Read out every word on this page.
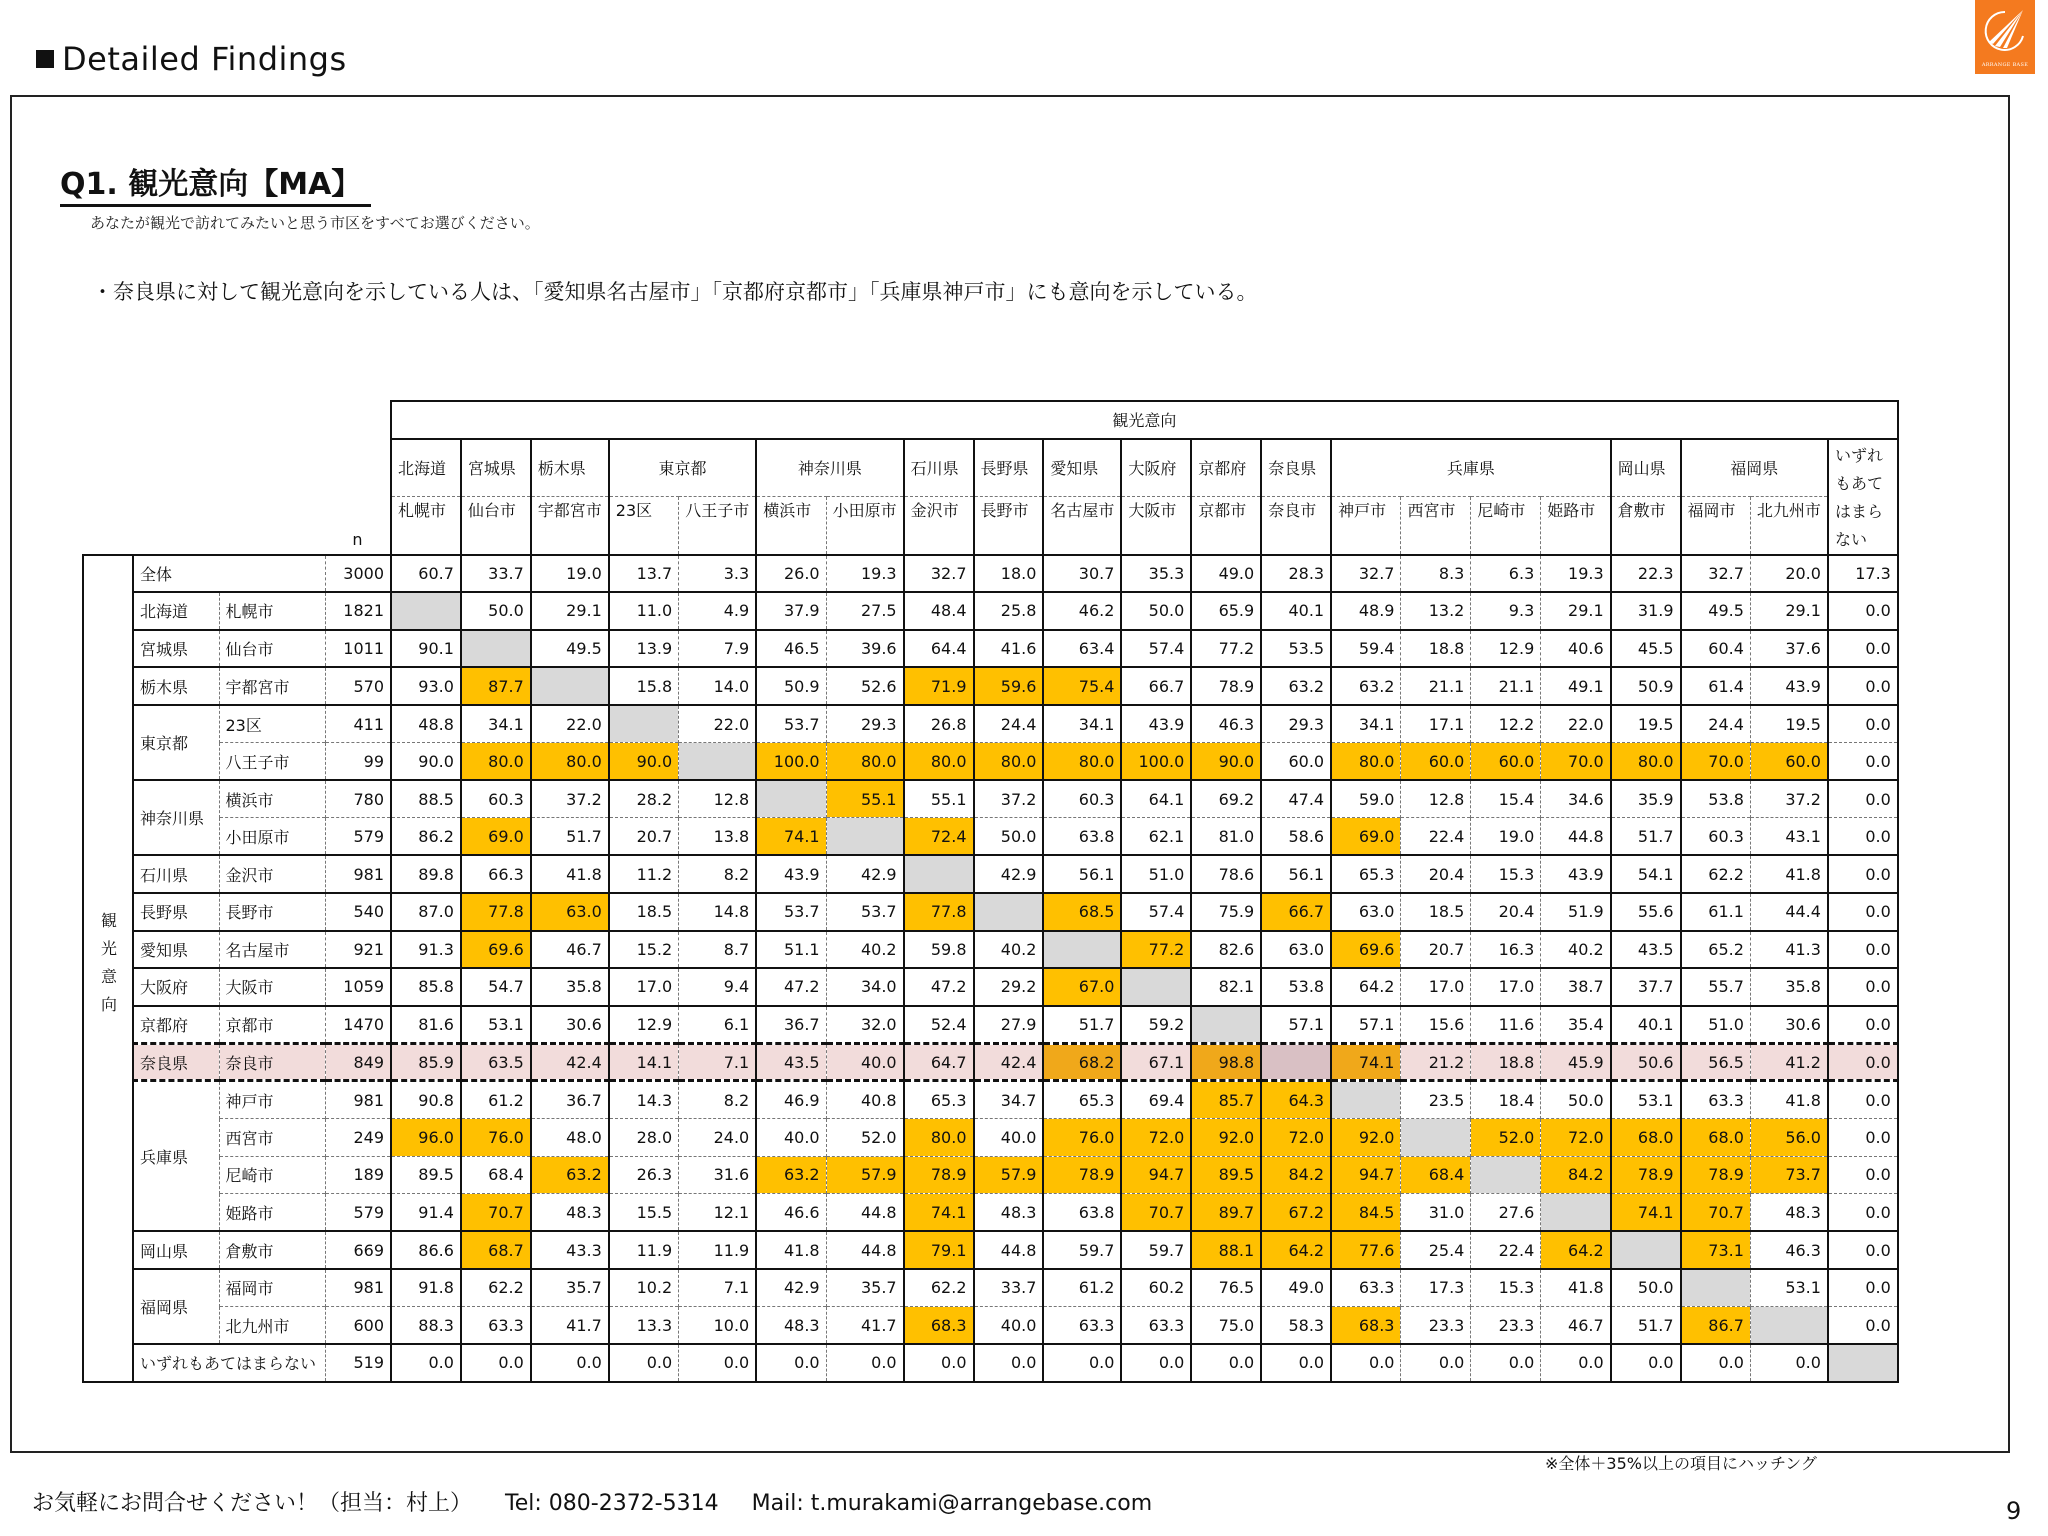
Detailed Findings	ARRANGE BASE
Q1. 観光意向【MA】
あなたが観光で訪れてみたいと思う市区をすべてお選びください。
・奈良県に対して観光意向を示している人は、「愛知県名古屋市」「京都府京都市」「兵庫県神戸市」にも意向を示している。
				観光意向																				
				北海道	宮城県	栃木県	東京都		神奈川県		石川県	長野県	愛知県	大阪府	京都府	奈良県	兵庫県				岡山県	福岡県		いずれもあてはまらない
			n	札幌市	仙台市	宇都宮市	23区	八王子市	横浜市	小田原市	金沢市	長野市	名古屋市	大阪市	京都市	奈良市	神戸市	西宮市	尼崎市	姫路市	倉敷市	福岡市	北九州市	
観光意向	全体		3000	60.7	33.7	19.0	13.7	3.3	26.0	19.3	32.7	18.0	30.7	35.3	49.0	28.3	32.7	8.3	6.3	19.3	22.3	32.7	20.0	17.3
	北海道	札幌市	1821		50.0	29.1	11.0	4.9	37.9	27.5	48.4	25.8	46.2	50.0	65.9	40.1	48.9	13.2	9.3	29.1	31.9	49.5	29.1	0.0
	宮城県	仙台市	1011	90.1		49.5	13.9	7.9	46.5	39.6	64.4	41.6	63.4	57.4	77.2	53.5	59.4	18.8	12.9	40.6	45.5	60.4	37.6	0.0
	栃木県	宇都宮市	570	93.0	87.7		15.8	14.0	50.9	52.6	71.9	59.6	75.4	66.7	78.9	63.2	63.2	21.1	21.1	49.1	50.9	61.4	43.9	0.0
	東京都	23区	411	48.8	34.1	22.0		22.0	53.7	29.3	26.8	24.4	34.1	43.9	46.3	29.3	34.1	17.1	12.2	22.0	19.5	24.4	19.5	0.0
		八王子市	99	90.0	80.0	80.0	90.0		100.0	80.0	80.0	80.0	80.0	100.0	90.0	60.0	80.0	60.0	60.0	70.0	80.0	70.0	60.0	0.0
	神奈川県	横浜市	780	88.5	60.3	37.2	28.2	12.8		55.1	55.1	37.2	60.3	64.1	69.2	47.4	59.0	12.8	15.4	34.6	35.9	53.8	37.2	0.0
		小田原市	579	86.2	69.0	51.7	20.7	13.8	74.1		72.4	50.0	63.8	62.1	81.0	58.6	69.0	22.4	19.0	44.8	51.7	60.3	43.1	0.0
	石川県	金沢市	981	89.8	66.3	41.8	11.2	8.2	43.9	42.9		42.9	56.1	51.0	78.6	56.1	65.3	20.4	15.3	43.9	54.1	62.2	41.8	0.0
	長野県	長野市	540	87.0	77.8	63.0	18.5	14.8	53.7	53.7	77.8		68.5	57.4	75.9	66.7	63.0	18.5	20.4	51.9	55.6	61.1	44.4	0.0
	愛知県	名古屋市	921	91.3	69.6	46.7	15.2	8.7	51.1	40.2	59.8	40.2		77.2	82.6	63.0	69.6	20.7	16.3	40.2	43.5	65.2	41.3	0.0
	大阪府	大阪市	1059	85.8	54.7	35.8	17.0	9.4	47.2	34.0	47.2	29.2	67.0		82.1	53.8	64.2	17.0	17.0	38.7	37.7	55.7	35.8	0.0
	京都府	京都市	1470	81.6	53.1	30.6	12.9	6.1	36.7	32.0	52.4	27.9	51.7	59.2		57.1	57.1	15.6	11.6	35.4	40.1	51.0	30.6	0.0
	奈良県	奈良市	849	85.9	63.5	42.4	14.1	7.1	43.5	40.0	64.7	42.4	68.2	67.1	98.8		74.1	21.2	18.8	45.9	50.6	56.5	41.2	0.0
	兵庫県	神戸市	981	90.8	61.2	36.7	14.3	8.2	46.9	40.8	65.3	34.7	65.3	69.4	85.7	64.3		23.5	18.4	50.0	53.1	63.3	41.8	0.0
		西宮市	249	96.0	76.0	48.0	28.0	24.0	40.0	52.0	80.0	40.0	76.0	72.0	92.0	72.0	92.0		52.0	72.0	68.0	68.0	56.0	0.0
		尼崎市	189	89.5	68.4	63.2	26.3	31.6	63.2	57.9	78.9	57.9	78.9	94.7	89.5	84.2	94.7	68.4		84.2	78.9	78.9	73.7	0.0
		姫路市	579	91.4	70.7	48.3	15.5	12.1	46.6	44.8	74.1	48.3	63.8	70.7	89.7	67.2	84.5	31.0	27.6		74.1	70.7	48.3	0.0
	岡山県	倉敷市	669	86.6	68.7	43.3	11.9	11.9	41.8	44.8	79.1	44.8	59.7	59.7	88.1	64.2	77.6	25.4	22.4	64.2		73.1	46.3	0.0
	福岡県	福岡市	981	91.8	62.2	35.7	10.2	7.1	42.9	35.7	62.2	33.7	61.2	60.2	76.5	49.0	63.3	17.3	15.3	41.8	50.0		53.1	0.0
		北九州市	600	88.3	63.3	41.7	13.3	10.0	48.3	41.7	68.3	40.0	63.3	63.3	75.0	58.3	68.3	23.3	23.3	46.7	51.7	86.7		0.0
	いずれもあてはまらない		519	0.0	0.0	0.0	0.0	0.0	0.0	0.0	0.0	0.0	0.0	0.0	0.0	0.0	0.0	0.0	0.0	0.0	0.0	0.0	0.0	
※全体＋35%以上の項目にハッチング
お気軽にお問合せください！（担当：村上） Tel: 080-2372-5314 Mail: t.murakami@arrangebase.com	9
